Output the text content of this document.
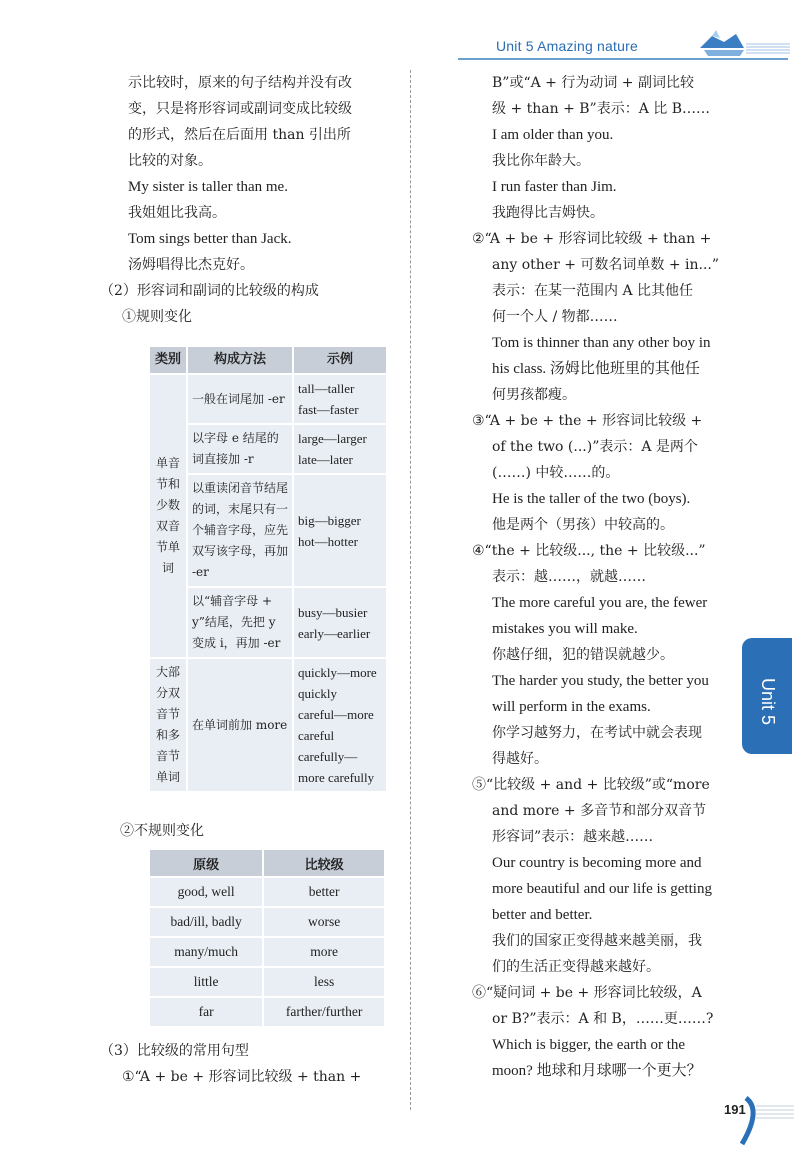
Unit 5 Amazing nature

示比较时，原来的句子结构并没有改

变，只是将形容词或副词变成比较级

的形式，然后在后面用 than 引出所

比较的对象。

My sister is taller than me.

我姐姐比我高。

Tom sings better than Jack.

汤姆唱得比杰克好。

（2）形容词和副词的比较级的构成

①规则变化

类别	构成方法	示例
单音节和少数双音节单词	一般在词尾加 -er	tall—taller
fast—faster

	以字母 e 结尾的词直接加 -r	large—larger
late—later

	以重读闭音节结尾的词，末尾只有一个辅音字母，应先双写该字母，再加 -er	big—bigger
hot—hotter

	以“辅音字母 + y”结尾，先把 y 变成 i，再加 -er	busy—busier
early—earlier

大部分双音节和多音节单词	在单词前加 more	quickly—more quickly
careful—more careful
carefully—more carefully

②不规则变化

原级	比较级
good, well	better
bad/ill, badly	worse
many/much	more
little	less
far	farther/further

（3）比较级的常用句型

①“A + be + 形容词比较级 + than +

B”或“A + 行为动词 + 副词比较

级 + than + B”表示：A 比 B……

I am older than you.

我比你年龄大。

I run faster than Jim.

我跑得比吉姆快。

②“A + be + 形容词比较级 + than +

any other + 可数名词单数 + in...”

表示：在某一范围内 A 比其他任

何一个人 / 物都……

Tom is thinner than any other boy in

his class. 汤姆比他班里的其他任

何男孩都瘦。

③“A + be + the + 形容词比较级 +

of the two (...)”表示：A 是两个

(……) 中较……的。

He is the taller of the two (boys).

他是两个（男孩）中较高的。

④“the + 比较级..., the + 比较级...”

表示：越……，就越……

The more careful you are, the fewer

mistakes you will make.

你越仔细，犯的错误就越少。

The harder you study, the better you

will perform in the exams.

你学习越努力，在考试中就会表现

得越好。

⑤“比较级 + and + 比较级”或“more

and more + 多音节和部分双音节

形容词”表示：越来越……

Our country is becoming more and

more beautiful and our life is getting

better and better.

我们的国家正变得越来越美丽，我

们的生活正变得越来越好。

⑥“疑问词 + be + 形容词比较级，A

or B?”表示：A 和 B，……更……?

Which is bigger, the earth or the

moon? 地球和月球哪一个更大？

Unit 5
191
